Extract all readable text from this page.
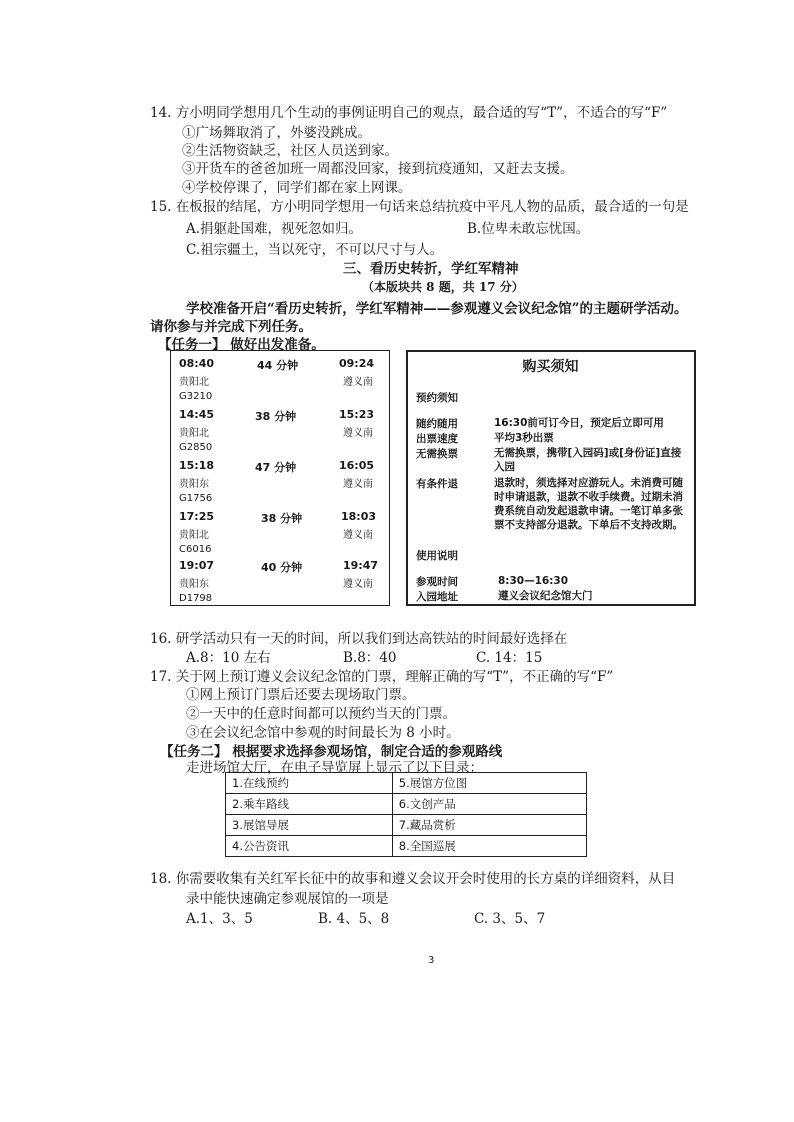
14. 方小明同学想用几个生动的事例证明自己的观点，最合适的写“T”，不适合的写“F”
①广场舞取消了，外婆没跳成。
②生活物资缺乏，社区人员送到家。
③开货车的爸爸加班一周都没回家，接到抗疫通知，又赶去支援。
④学校停课了，同学们都在家上网课。
15. 在板报的结尾，方小明同学想用一句话来总结抗疫中平凡人物的品质，最合适的一句是
A.捐躯赴国难，视死忽如归。	B.位卑未敢忘忧国。
C.祖宗疆土，当以死守，不可以尺寸与人。
三、看历史转折，学红军精神
（本版块共 8 题，共 17 分）
学校准备开启“看历史转折，学红军精神——参观遵义会议纪念馆”的主题研学活动。
请你参与并完成下列任务。
【任务一】 做好出发准备。
08:40	44 分钟	09:24
贵阳北	遵义南
G3210
14:45	38 分钟	15:23
贵阳北	遵义南
G2850
15:18	47 分钟	16:05
贵阳东	遵义南
G1756
17:25	38 分钟	18:03
贵阳北	遵义南
C6016
19:07	40 分钟	19:47
贵阳东	遵义南
D1798
购买须知
预约须知
随约随用	16:30前可订今日，预定后立即可用
出票速度	平均3秒出票
无需换票	无需换票，携带[入园码]或[身份证]直接入园
有条件退	退款时，须选择对应游玩人。未消费可随时申请退款，退款不收手续费。过期未消费系统自动发起退款申请。一笔订单多张票不支持部分退款。下单后不支持改期。
使用说明
参观时间	8:30—16:30
入园地址	遵义会议纪念馆大门
16. 研学活动只有一天的时间，所以我们到达高铁站的时间最好选择在
A.8：10 左右	B.8：40	C. 14：15
17. 关于网上预订遵义会议纪念馆的门票，理解正确的写“T”，不正确的写“F”
①网上预订门票后还要去现场取门票。
②一天中的任意时间都可以预约当天的门票。
③在会议纪念馆中参观的时间最长为 8 小时。
【任务二】 根据要求选择参观场馆，制定合适的参观路线
走进场馆大厅，在电子导览屏上显示了以下目录：
1.在线预约	5.展馆方位图
2.乘车路线	6.文创产品
3.展馆导展	7.藏品赏析
4.公告资讯	8.全国巡展
18. 你需要收集有关红军长征中的故事和遵义会议开会时使用的长方桌的详细资料，从目
录中能快速确定参观展馆的一项是
A.1、3、5	B. 4、5、8	C. 3、5、7
3
